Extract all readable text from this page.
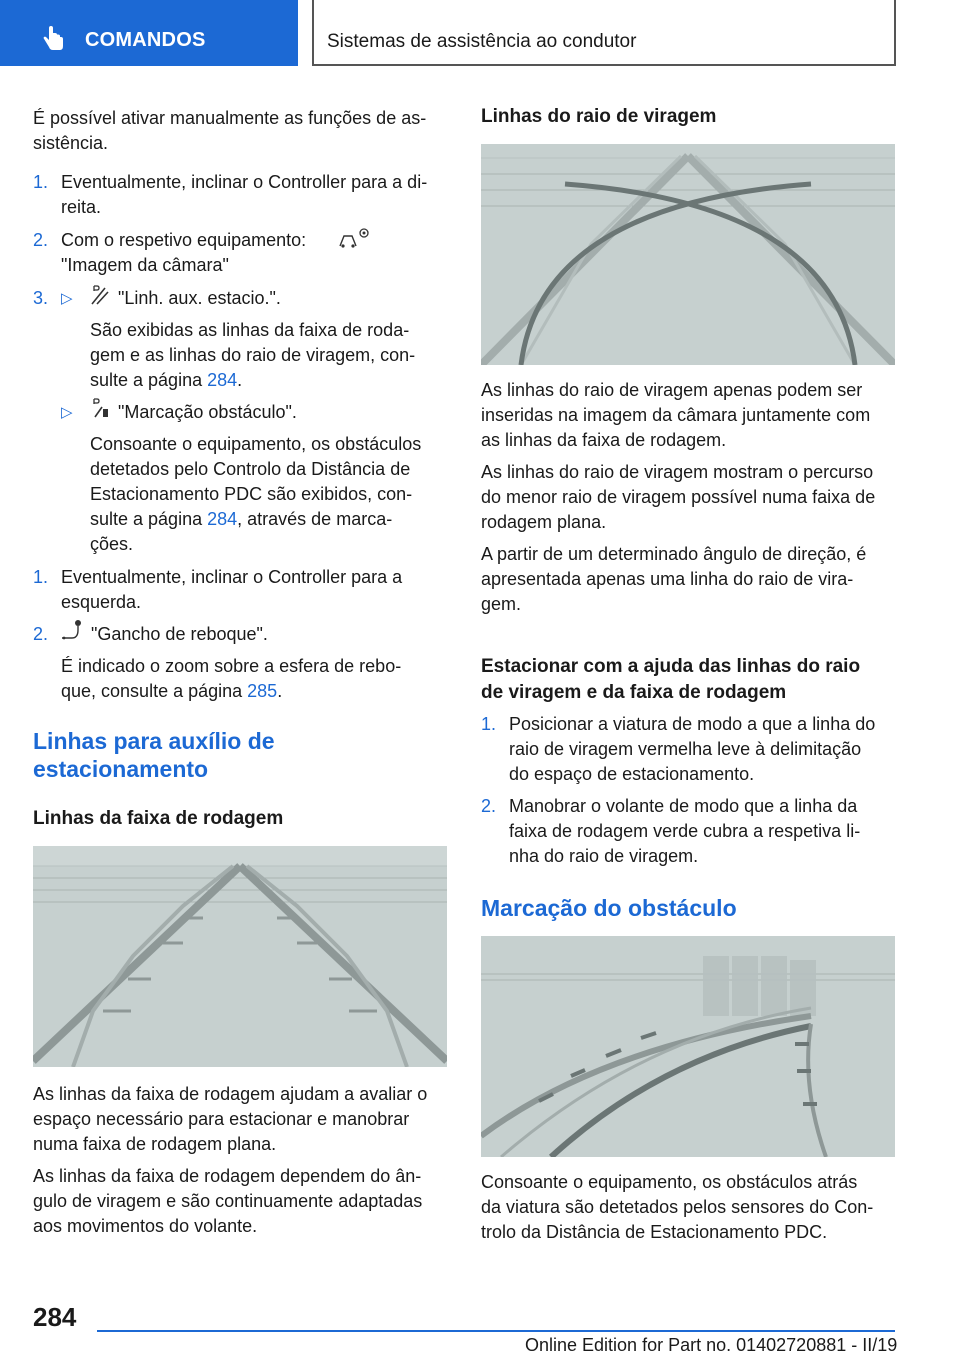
COMANDOS	Sistemas de assistência ao condutor

É possível ativar manualmente as funções de as-
sistência.

1. Eventualmente, inclinar o Controller para a di-
reita.
2. Com o respetivo equipamento:
"Imagem da câmara"
3. ▷	"Linh. aux. estacio.".

São exibidas as linhas da faixa de roda-
gem e as linhas do raio de viragem, con-
sulte a página 284.

▷	"Marcação obstáculo".

Consoante o equipamento, os obstáculos
detetados pelo Controlo da Distância de
Estacionamento PDC são exibidos, con-
sulte a página 284, através de marca-
ções.

1. Eventualmente, inclinar o Controller para a
esquerda.
2. "Gancho de reboque".

É indicado o zoom sobre a esfera de rebo-
que, consulte a página 285.

Linhas para auxílio de
estacionamento
Linhas da faixa de rodagem

As linhas da faixa de rodagem ajudam a avaliar o
espaço necessário para estacionar e manobrar
numa faixa de rodagem plana.

As linhas da faixa de rodagem dependem do ân-
gulo de viragem e são continuamente adaptadas
aos movimentos do volante.

Linhas do raio de viragem

As linhas do raio de viragem apenas podem ser
inseridas na imagem da câmara juntamente com
as linhas da faixa de rodagem.

As linhas do raio de viragem mostram o percurso
do menor raio de viragem possível numa faixa de
rodagem plana.

A partir de um determinado ângulo de direção, é
apresentada apenas uma linha do raio de vira-
gem.

Estacionar com a ajuda das linhas do raio
de viragem e da faixa de rodagem
1. Posicionar a viatura de modo a que a linha do
raio de viragem vermelha leve à delimitação
do espaço de estacionamento.
2. Manobrar o volante de modo que a linha da
faixa de rodagem verde cubra a respetiva li-
nha do raio de viragem.
Marcação do obstáculo

Consoante o equipamento, os obstáculos atrás
da viatura são detetados pelos sensores do Con-
trolo da Distância de Estacionamento PDC.

284
Online Edition for Part no. 01402720881 - II/19
